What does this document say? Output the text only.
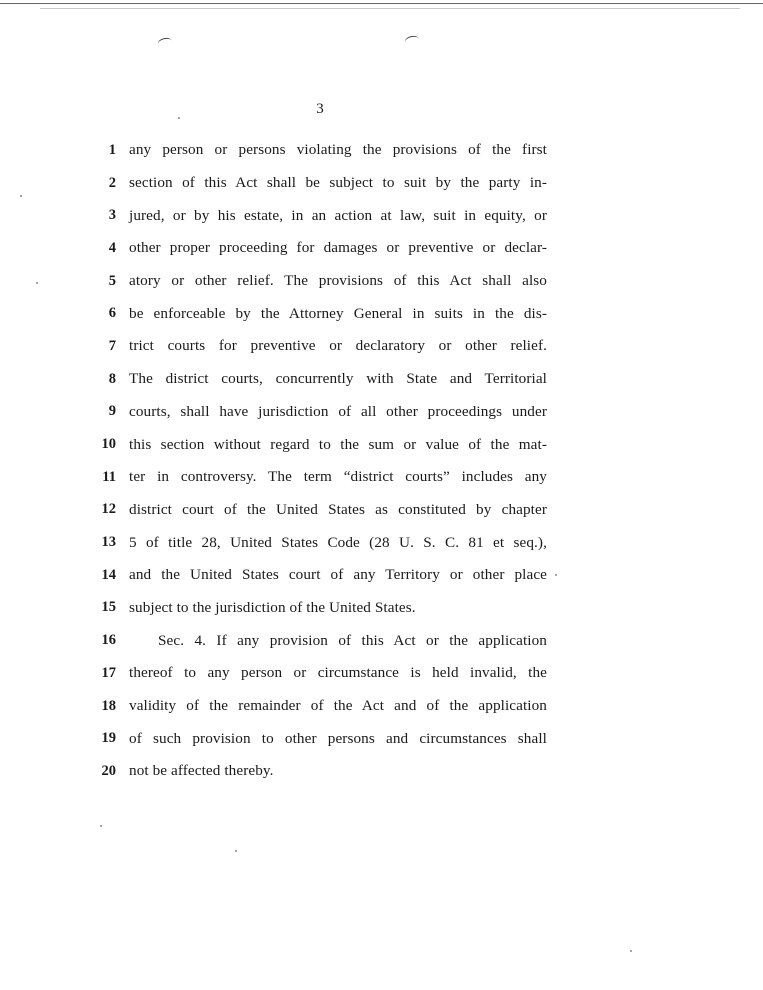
3
1 any person or persons violating the provisions of the first
2 section of this Act shall be subject to suit by the party in-
3 jured, or by his estate, in an action at law, suit in equity, or
4 other proper proceeding for damages or preventive or declar-
5 atory or other relief. The provisions of this Act shall also
6 be enforceable by the Attorney General in suits in the dis-
7 trict courts for preventive or declaratory or other relief.
8 The district courts, concurrently with State and Territorial
9 courts, shall have jurisdiction of all other proceedings under
10 this section without regard to the sum or value of the mat-
11 ter in controversy. The term “district courts” includes any
12 district court of the United States as constituted by chapter
13 5 of title 28, United States Code (28 U. S. C. 81 et seq.),
14 and the United States court of any Territory or other place
15 subject to the jurisdiction of the United States.
16	Sec. 4. If any provision of this Act or the application
17 thereof to any person or circumstance is held invalid, the
18 validity of the remainder of the Act and of the application
19 of such provision to other persons and circumstances shall
20 not be affected thereby.
